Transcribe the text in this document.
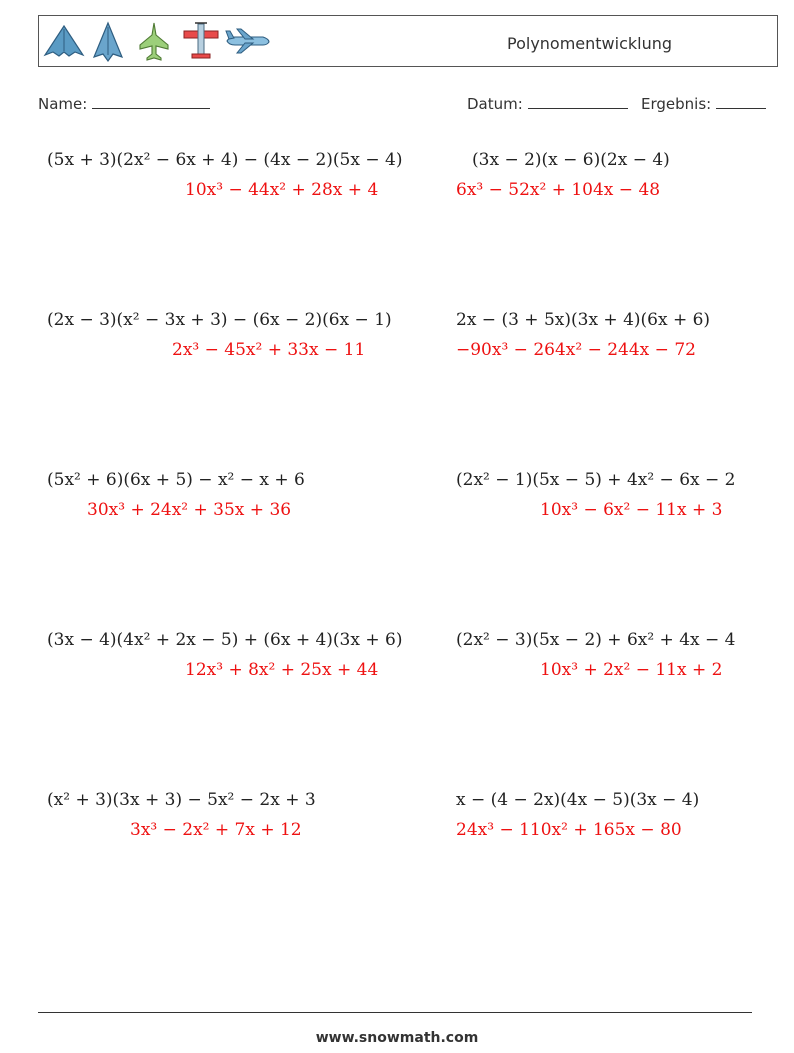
Polynomentwicklung
Name:	Datum:	Ergebnis:
(5x + 3)(2x² − 6x + 4) − (4x − 2)(5x − 4)
10x³ − 44x² + 28x + 4
(3x − 2)(x − 6)(2x − 4)
6x³ − 52x² + 104x − 48
(2x − 3)(x² − 3x + 3) − (6x − 2)(6x − 1)
2x³ − 45x² + 33x − 11
2x − (3 + 5x)(3x + 4)(6x + 6)
−90x³ − 264x² − 244x − 72
(5x² + 6)(6x + 5) − x² − x + 6
30x³ + 24x² + 35x + 36
(2x² − 1)(5x − 5) + 4x² − 6x − 2
10x³ − 6x² − 11x + 3
(3x − 4)(4x² + 2x − 5) + (6x + 4)(3x + 6)
12x³ + 8x² + 25x + 44
(2x² − 3)(5x − 2) + 6x² + 4x − 4
10x³ + 2x² − 11x + 2
(x² + 3)(3x + 3) − 5x² − 2x + 3
3x³ − 2x² + 7x + 12
x − (4 − 2x)(4x − 5)(3x − 4)
24x³ − 110x² + 165x − 80
www.snowmath.com
